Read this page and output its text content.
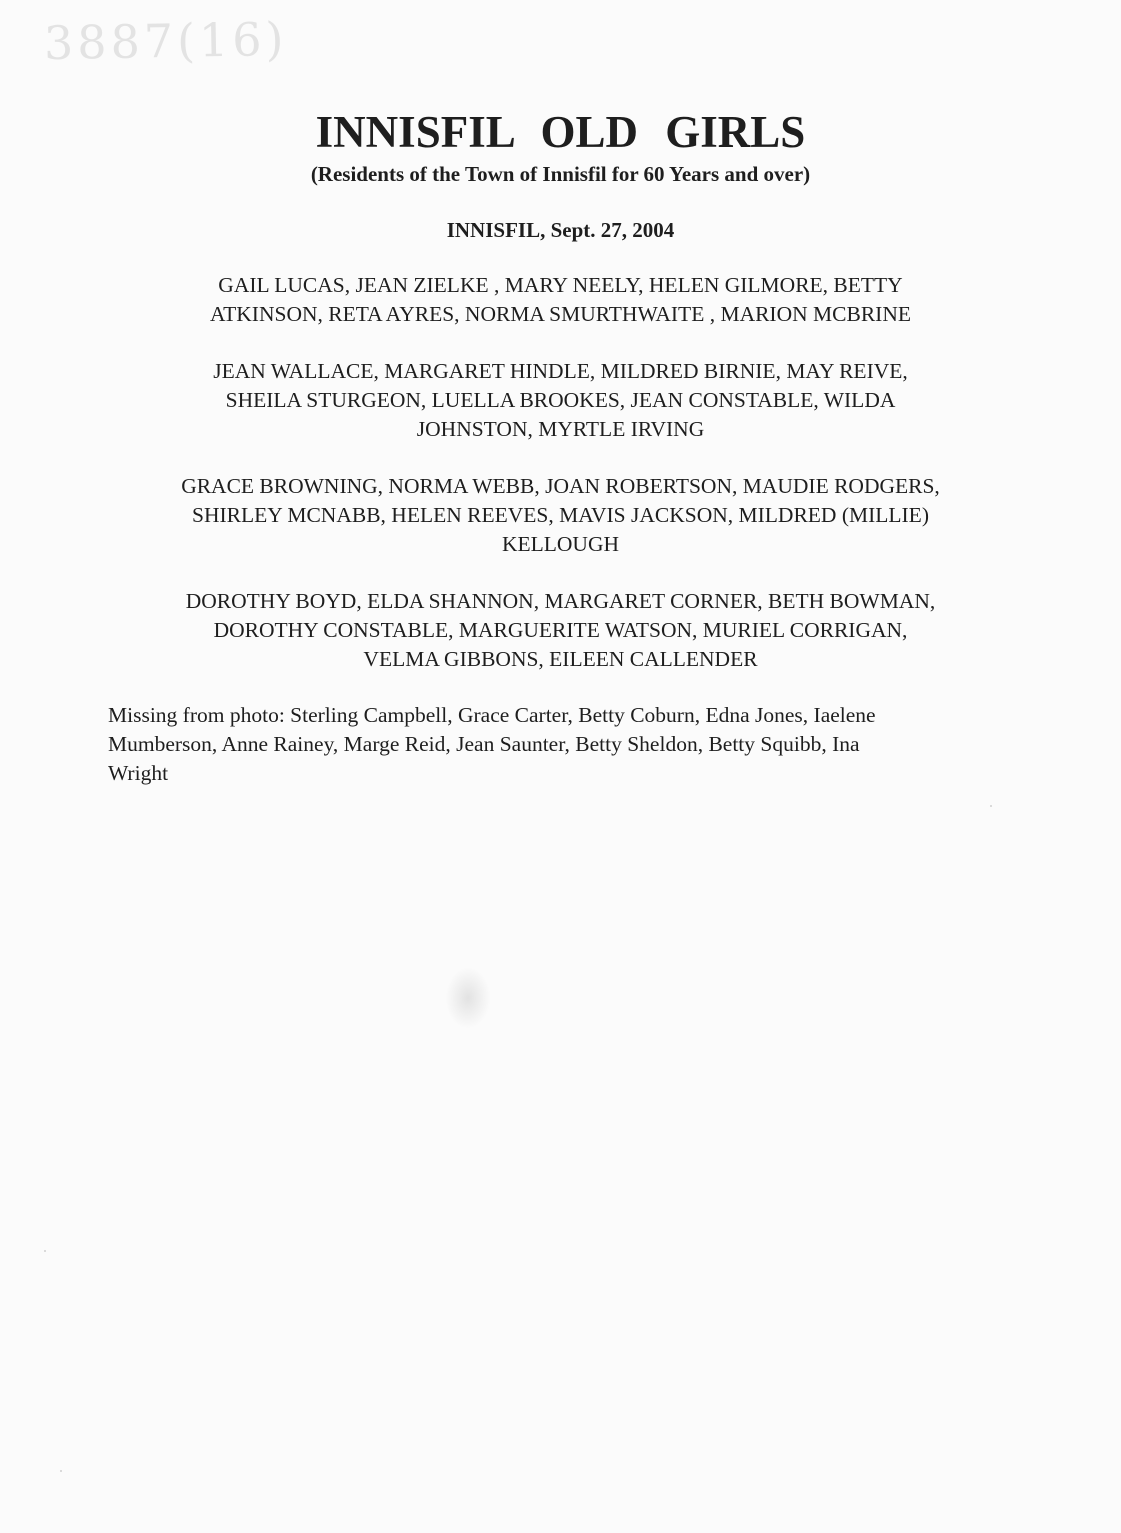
3887(16)
INNISFIL OLD GIRLS
(Residents of the Town of Innisfil for 60 Years and over)
INNISFIL, Sept. 27, 2004
GAIL LUCAS, JEAN ZIELKE , MARY NEELY, HELEN GILMORE, BETTY
ATKINSON, RETA AYRES, NORMA SMURTHWAITE , MARION MCBRINE
JEAN WALLACE, MARGARET HINDLE, MILDRED BIRNIE, MAY REIVE,
SHEILA STURGEON, LUELLA BROOKES, JEAN CONSTABLE, WILDA
JOHNSTON, MYRTLE IRVING
GRACE BROWNING, NORMA WEBB, JOAN ROBERTSON, MAUDIE RODGERS,
SHIRLEY MCNABB, HELEN REEVES, MAVIS JACKSON, MILDRED (MILLIE)
KELLOUGH
DOROTHY BOYD, ELDA SHANNON, MARGARET CORNER, BETH BOWMAN,
DOROTHY CONSTABLE, MARGUERITE WATSON, MURIEL CORRIGAN,
VELMA GIBBONS, EILEEN CALLENDER
Missing from photo: Sterling Campbell, Grace Carter, Betty Coburn, Edna Jones, Iaelene
Mumberson, Anne Rainey, Marge Reid, Jean Saunter, Betty Sheldon, Betty Squibb, Ina
Wright
